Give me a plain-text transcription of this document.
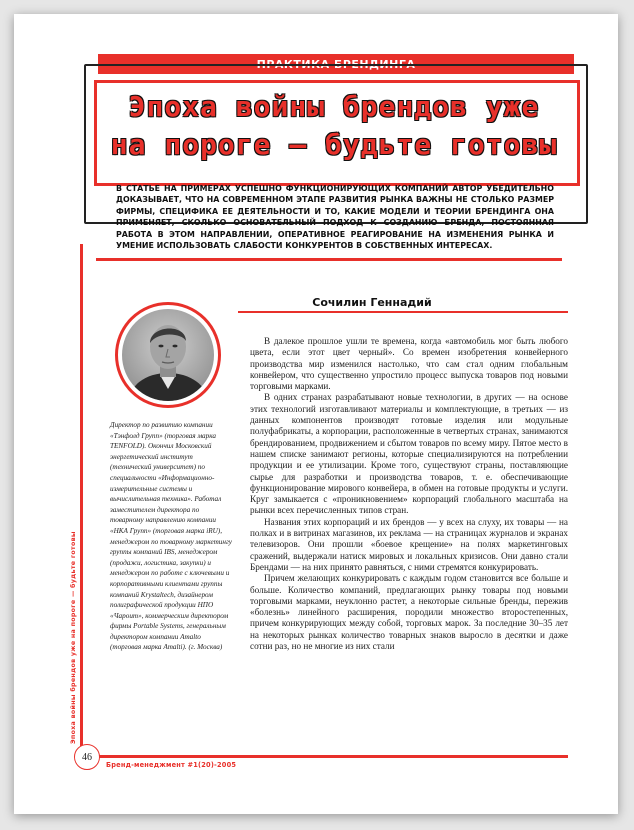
ПРАКТИКА БРЕНДИНГА
Эпоха войны брендов уже
на пороге — будьте готовы

В СТАТЬЕ НА ПРИМЕРАХ УСПЕШНО ФУНКЦИОНИРУЮЩИХ КОМПАНИЙ АВТОР УБЕДИТЕЛЬНО ДОКАЗЫВАЕТ, ЧТО НА СОВРЕМЕННОМ ЭТАПЕ РАЗВИТИЯ РЫНКА ВАЖНЫ НЕ СТОЛЬКО РАЗМЕР ФИРМЫ, СПЕЦИФИКА ЕЕ ДЕЯТЕЛЬНОСТИ И ТО, КАКИЕ МОДЕЛИ И ТЕОРИИ БРЕНДИНГА ОНА ПРИМЕНЯЕТ, СКОЛЬКО ОСНОВАТЕЛЬНЫЙ ПОДХОД К СОЗДАНИЮ БРЕНДА, ПОСТОЯННАЯ РАБОТА В ЭТОМ НАПРАВЛЕНИИ, ОПЕРАТИВНОЕ РЕАГИРОВАНИЕ НА ИЗМЕНЕНИЯ РЫНКА И УМЕНИЕ ИСПОЛЬЗОВАТЬ СЛАБОСТИ КОНКУРЕНТОВ В СОБСТВЕННЫХ ИНТЕРЕСАХ.

Эпоха войны брендов уже на пороге — будьте готовы
Сочилин Геннадий

Директор по развитию компании «Тэнфолд Групп» (торговая марка TENFOLD). Окончил Московский энергетический институт (технический университет) по специальности «Информационно-измерительные системы и вычислительная техника». Работал заместителем директора по товарному направлению компании «НКА Групп» (торговая марка iRU), менеджером по товарному маркетингу группы компаний IBS, менеджером (продажи, логистика, закупки) и менеджером по работе с ключевыми и корпоративными клиентами группы компаний Krystaltech, дизайнером полиграфической продукции НПО «Чароит», коммерческим директором фирмы Portable Systems, генеральным директором компании Amalto (торговая марка Amalti). (г. Москва)

В далекое прошлое ушли те времена, когда «автомобиль мог быть любого цвета, если этот цвет черный». Со времен изобретения конвейерного производства мир изменился настолько, что сам стал одним глобальным конвейером, что существенно упростило процесс выпуска товаров под новыми торговыми марками.

В одних странах разрабатывают новые технологии, в других — на основе этих технологий изготавливают материалы и комплектующие, в третьих — из данных компонентов производят готовые изделия или модульные полуфабрикаты, а корпорации, расположенные в четвертых странах, занимаются брендированием, продвижением и сбытом товаров по всему миру. Пятое место в нашем списке занимают регионы, которые специализируются на потреблении продукции и ее утилизации. Кроме того, существуют страны, поставляющие сырье для разработки и производства товаров, т. е. обеспечивающие функционирование мирового конвейера, в обмен на готовые продукты и услуги. Круг замыкается с «проникновением» корпораций глобального масштаба на рынки всех перечисленных типов стран.

Названия этих корпораций и их брендов — у всех на слуху, их товары — на полках и в витринах магазинов, их реклама — на страницах журналов и экранах телевизоров. Они прошли «боевое крещение» на полях маркетинговых сражений, выдержали натиск мировых и локальных кризисов. Они давно стали Брендами — на них принято равняться, с ними стремятся конкурировать.

Причем желающих конкурировать с каждым годом становится все больше и больше. Количество компаний, предлагающих рынку товары под новыми торговыми марками, неуклонно растет, а некоторые сильные бренды, пережив «болезнь» линейного расширения, породили множество второстепенных, причем конкурирующих между собой, торговых марок. За последние 30–35 лет на некоторых рынках количество товарных знаков выросло в десятки и даже сотни раз, но не многие из них стали

46
Бренд-менеджмент #1(20)-2005
